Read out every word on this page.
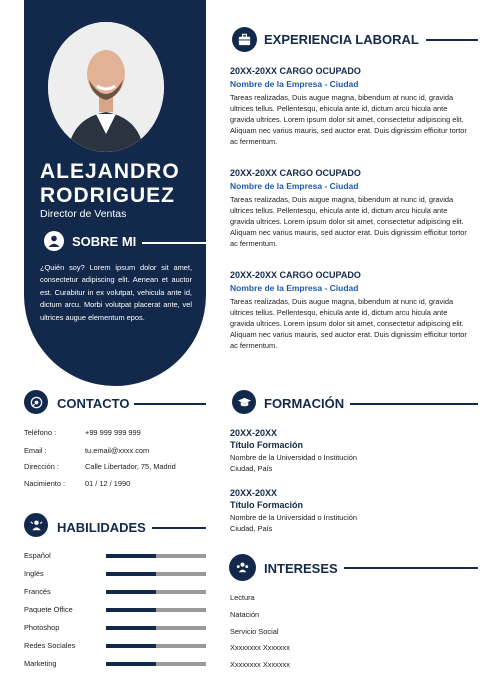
ALEJANDRO
RODRIGUEZ
Director de Ventas
SOBRE MI
¿Quién soy? Lorem ipsum dolor sit amet, consectetur adipiscing elit. Aenean et auctor est. Curabitur in ex volutpat, vehicula ante id, dictum arcu. Morbi volutpat placerat ante, vel ultrices augue elementum epos.
EXPERIENCIA LABORAL
20XX-20XX CARGO OCUPADO
Nombre de la Empresa - Ciudad
Tareas realizadas, Duis augue magna, bibendum at nunc id, gravida ultrices tellus. Pellentesqu, ehicula ante id, dictum arcu hicula ante gravida ultrices. Lorem ipsum dolor sit amet, consectetur adipiscing elit. Aliquam nec varius mauris, sed auctor erat. Duis dignissim efficitur tortor ac fermentum.
20XX-20XX CARGO OCUPADO
Nombre de la Empresa - Ciudad
Tareas realizadas, Duis augue magna, bibendum at nunc id, gravida ultrices tellus. Pellentesqu, ehicula ante id, dictum arcu hicula ante gravida ultrices. Lorem ipsum dolor sit amet, consectetur adipiscing elit. Aliquam nec varius mauris, sed auctor erat. Duis dignissim efficitur tortor ac fermentum.
20XX-20XX CARGO OCUPADO
Nombre de la Empresa - Ciudad
Tareas realizadas, Duis augue magna, bibendum at nunc id, gravida ultrices tellus. Pellentesqu, ehicula ante id, dictum arcu hicula ante gravida ultrices. Lorem ipsum dolor sit amet, consectetur adipiscing elit. Aliquam nec varius mauris, sed auctor erat. Duis dignissim efficitur tortor ac fermentum.
CONTACTO
Teléfono :	+99 999 999 999
Email :	tu.email@xxxx.com
Dirección :	Calle Libertador, 75, Madrid
Nacimiento :	01 / 12 / 1990
HABILIDADES
Español
Inglés
Francés
Paquete Office
Photoshop
Redes Sociales
Marketing
FORMACIÓN
20XX-20XX
Título Formación
Nombre de la Universidad o Institución
Ciudad, País
20XX-20XX
Título Formación
Nombre de la Universidad o Institución
Ciudad, País
INTERESES
Lectura
Natación
Servicio Social
Xxxxxxxx Xxxxxxx
Xxxxxxxx Xxxxxxx
